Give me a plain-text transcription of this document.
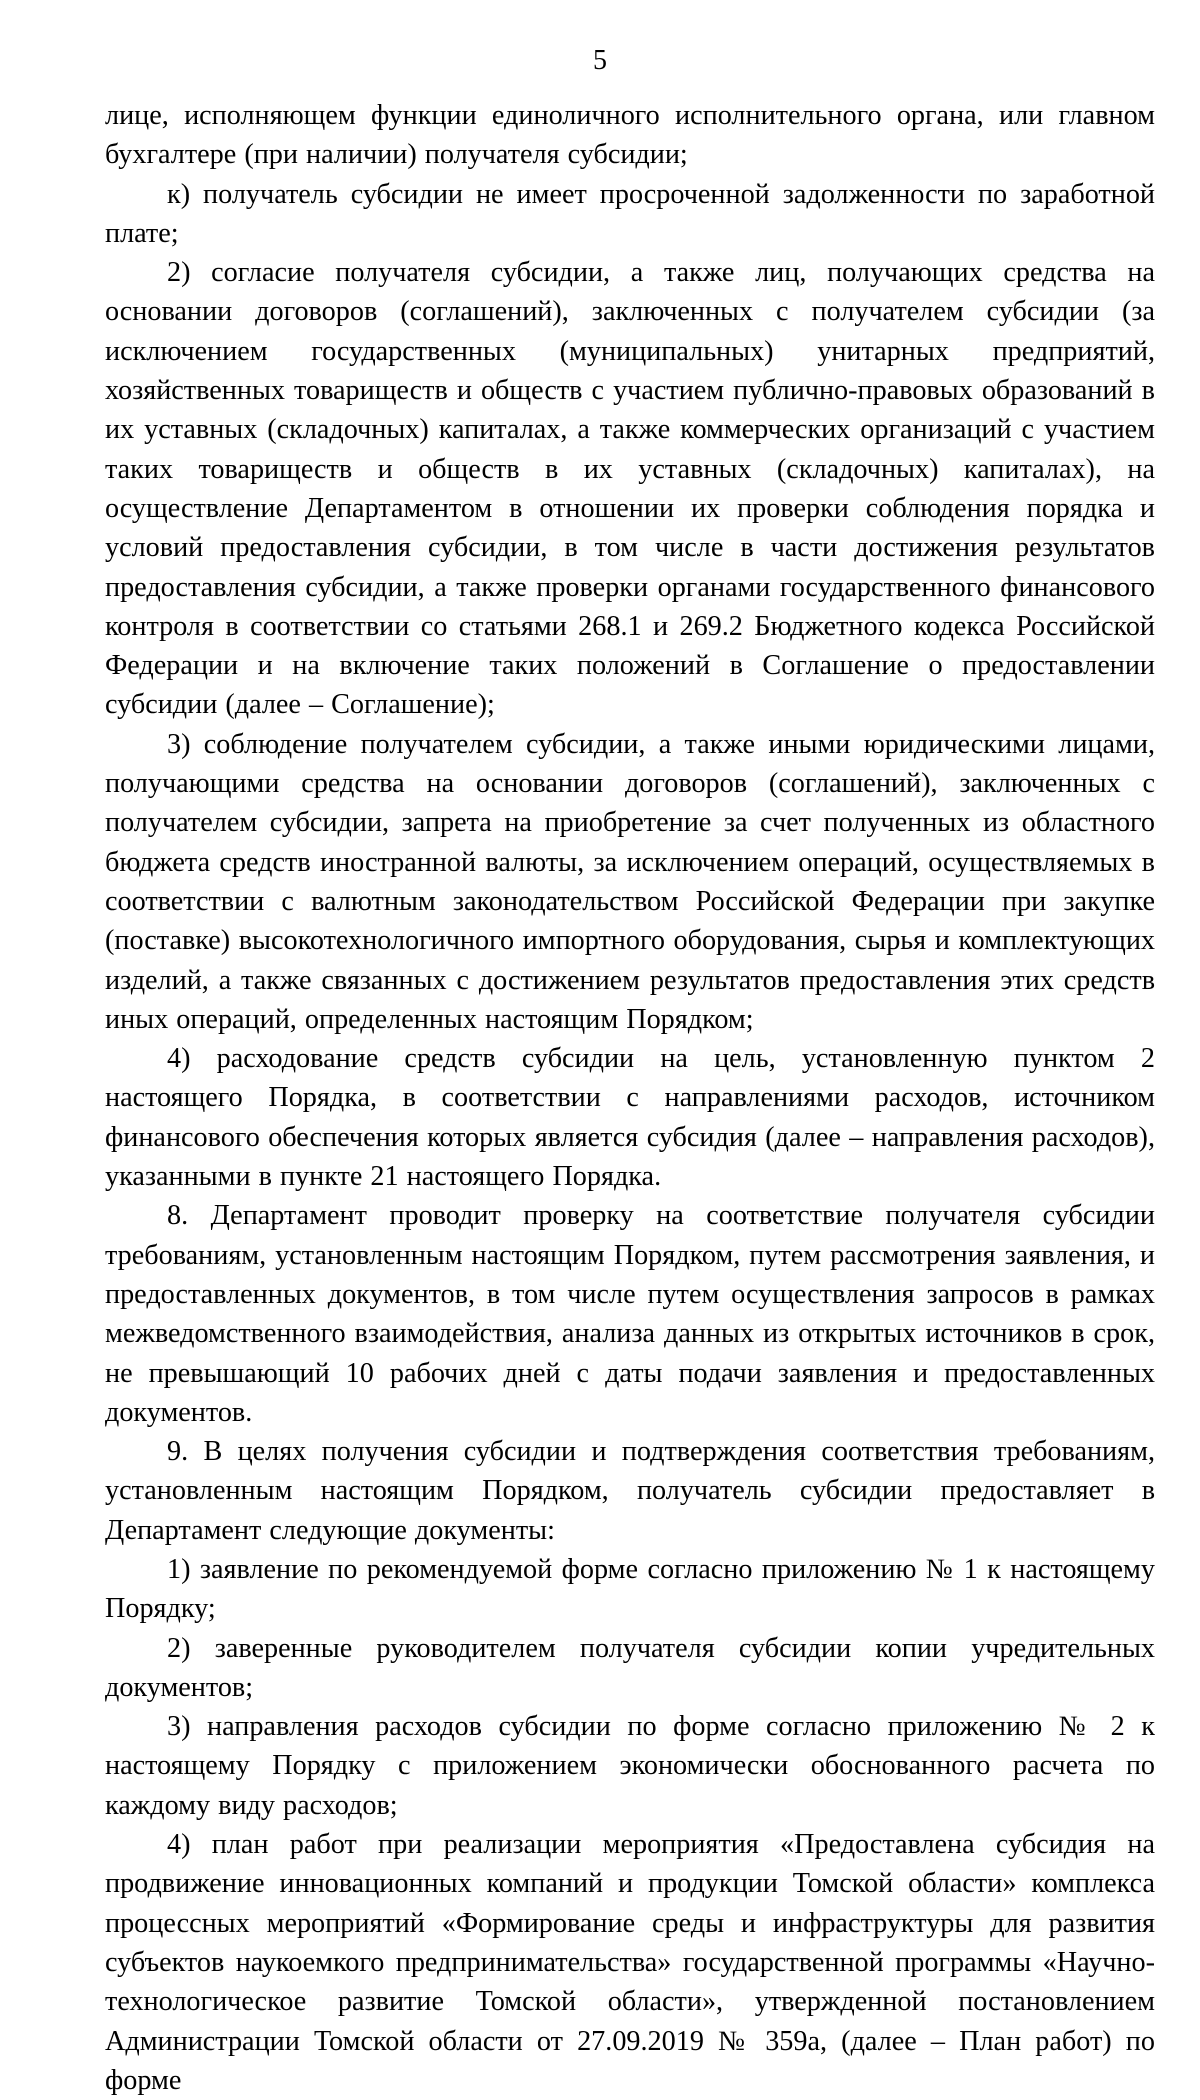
5

лице, исполняющем функции единоличного исполнительного органа, или главном бухгалтере (при наличии) получателя субсидии;

к) получатель субсидии не имеет просроченной задолженности по заработной плате;

2) согласие получателя субсидии, а также лиц, получающих средства на основании договоров (соглашений), заключенных с получателем субсидии (за исключением государственных (муниципальных) унитарных предприятий, хозяйственных товариществ и обществ с участием публично-правовых образований в их уставных (складочных) капиталах, а также коммерческих организаций с участием таких товариществ и обществ в их уставных (складочных) капиталах), на осуществление Департаментом в отношении их проверки соблюдения порядка и условий предоставления субсидии, в том числе в части достижения результатов предоставления субсидии, а также проверки органами государственного финансового контроля в соответствии со статьями 268.1 и 269.2 Бюджетного кодекса Российской Федерации и на включение таких положений в Соглашение о предоставлении субсидии (далее – Соглашение);

3) соблюдение получателем субсидии, а также иными юридическими лицами, получающими средства на основании договоров (соглашений), заключенных с получателем субсидии, запрета на приобретение за счет полученных из областного бюджета средств иностранной валюты, за исключением операций, осуществляемых в соответствии с валютным законодательством Российской Федерации при закупке (поставке) высокотехнологичного импортного оборудования, сырья и комплектующих изделий, а также связанных с достижением результатов предоставления этих средств иных операций, определенных настоящим Порядком;

4) расходование средств субсидии на цель, установленную пунктом 2 настоящего Порядка, в соответствии с направлениями расходов, источником финансового обеспечения которых является субсидия (далее – направления расходов), указанными в пункте 21 настоящего Порядка.

8. Департамент проводит проверку на соответствие получателя субсидии требованиям, установленным настоящим Порядком, путем рассмотрения заявления, и предоставленных документов, в том числе путем осуществления запросов в рамках межведомственного взаимодействия, анализа данных из открытых источников в срок, не превышающий 10 рабочих дней с даты подачи заявления и предоставленных документов.

9. В целях получения субсидии и подтверждения соответствия требованиям, установленным настоящим Порядком, получатель субсидии предоставляет в Департамент следующие документы:

1) заявление по рекомендуемой форме согласно приложению № 1 к настоящему Порядку;

2) заверенные руководителем получателя субсидии копии учредительных документов;

3) направления расходов субсидии по форме согласно приложению № 2 к настоящему Порядку с приложением экономически обоснованного расчета по каждому виду расходов;

4) план работ при реализации мероприятия «Предоставлена субсидия на продвижение инновационных компаний и продукции Томской области» комплекса процессных мероприятий «Формирование среды и инфраструктуры для развития субъектов наукоемкого предпринимательства» государственной программы «Научно-технологическое развитие Томской области», утвержденной постановлением Администрации Томской области от 27.09.2019 № 359а, (далее – План работ) по форме
